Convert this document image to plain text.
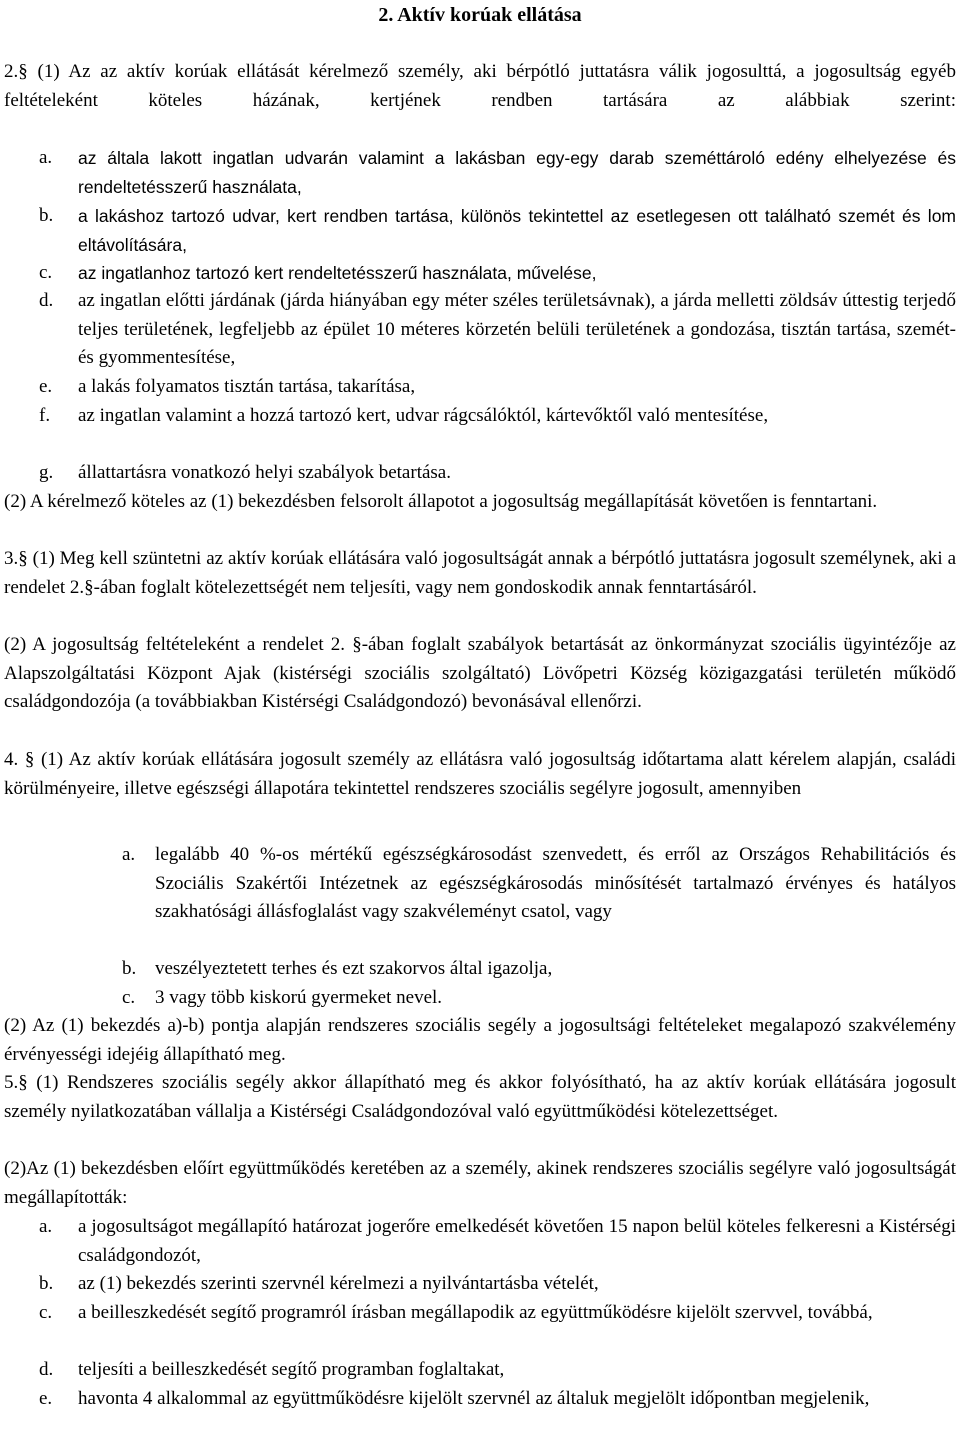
2. Aktív korúak ellátása
2.§ (1) Az az aktív korúak ellátását kérelmező személy, aki bérpótló juttatásra válik jogosulttá, a jogosultság egyéb feltételeként köteles házának, kertjének rendben tartására az alábbiak szerint:
a. az általa lakott ingatlan udvarán valamint a lakásban egy-egy darab szeméttároló edény elhelyezése és rendeltetésszerű használata,
b. a lakáshoz tartozó udvar, kert rendben tartása, különös tekintettel az esetlegesen ott található szemét és lom eltávolítására,
c. az ingatlanhoz tartozó kert rendeltetésszerű használata, művelése,
d. az ingatlan előtti járdának (járda hiányában egy méter széles területsávnak), a járda melletti zöldsáv úttestig terjedő teljes területének, legfeljebb az épület 10 méteres körzetén belüli területének a gondozása, tisztán tartása, szemét- és gyommentesítése,
e. a lakás folyamatos tisztán tartása, takarítása,
f. az ingatlan valamint a hozzá tartozó kert, udvar rágcsálóktól, kártevőktől való mentesítése,
g. állattartásra vonatkozó helyi szabályok betartása.
(2) A kérelmező köteles az (1) bekezdésben felsorolt állapotot a jogosultság megállapítását követően is fenntartani.
3.§ (1) Meg kell szüntetni az aktív korúak ellátására való jogosultságát annak a bérpótló juttatásra jogosult személynek, aki a rendelet 2.§-ában foglalt kötelezettségét nem teljesíti, vagy nem gondoskodik annak fenntartásáról.
(2) A jogosultság feltételeként a rendelet 2. §-ában foglalt szabályok betartását az önkormányzat szociális ügyintézője az Alapszolgáltatási Központ Ajak (kistérségi szociális szolgáltató) Lövőpetri Község közigazgatási területén működő családgondozója (a továbbiakban Kistérségi Családgondozó) bevonásával ellenőrzi.
4. § (1) Az aktív korúak ellátására jogosult személy az ellátásra való jogosultság időtartama alatt kérelem alapján, családi körülményeire, illetve egészségi állapotára tekintettel rendszeres szociális segélyre jogosult, amennyiben
a. legalább 40 %-os mértékű egészségkárosodást szenvedett, és erről az Országos Rehabilitációs és Szociális Szakértői Intézetnek az egészségkárosodás minősítését tartalmazó érvényes és hatályos szakhatósági állásfoglalást vagy szakvéleményt csatol, vagy
b. veszélyeztetett terhes és ezt szakorvos által igazolja,
c. 3 vagy több kiskorú gyermeket nevel.
(2) Az (1) bekezdés a)-b) pontja alapján rendszeres szociális segély a jogosultsági feltételeket megalapozó szakvélemény érvényességi idejéig állapítható meg.
5.§ (1) Rendszeres szociális segély akkor állapítható meg és akkor folyósítható, ha az aktív korúak ellátására jogosult személy nyilatkozatában vállalja a Kistérségi Családgondozóval való együttműködési kötelezettséget.
(2)Az (1) bekezdésben előírt együttműködés keretében az a személy, akinek rendszeres szociális segélyre való jogosultságát megállapították:
a. a jogosultságot megállapító határozat jogerőre emelkedését követően 15 napon belül köteles felkeresni a Kistérségi családgondozót,
b. az (1) bekezdés szerinti szervnél kérelmezi a nyilvántartásba vételét,
c. a beilleszkedését segítő programról írásban megállapodik az együttműködésre kijelölt szervvel, továbbá,
d. teljesíti a beilleszkedését segítő programban foglaltakat,
e. havonta 4 alkalommal az együttműködésre kijelölt szervnél az általuk megjelölt időpontban megjelenik,
